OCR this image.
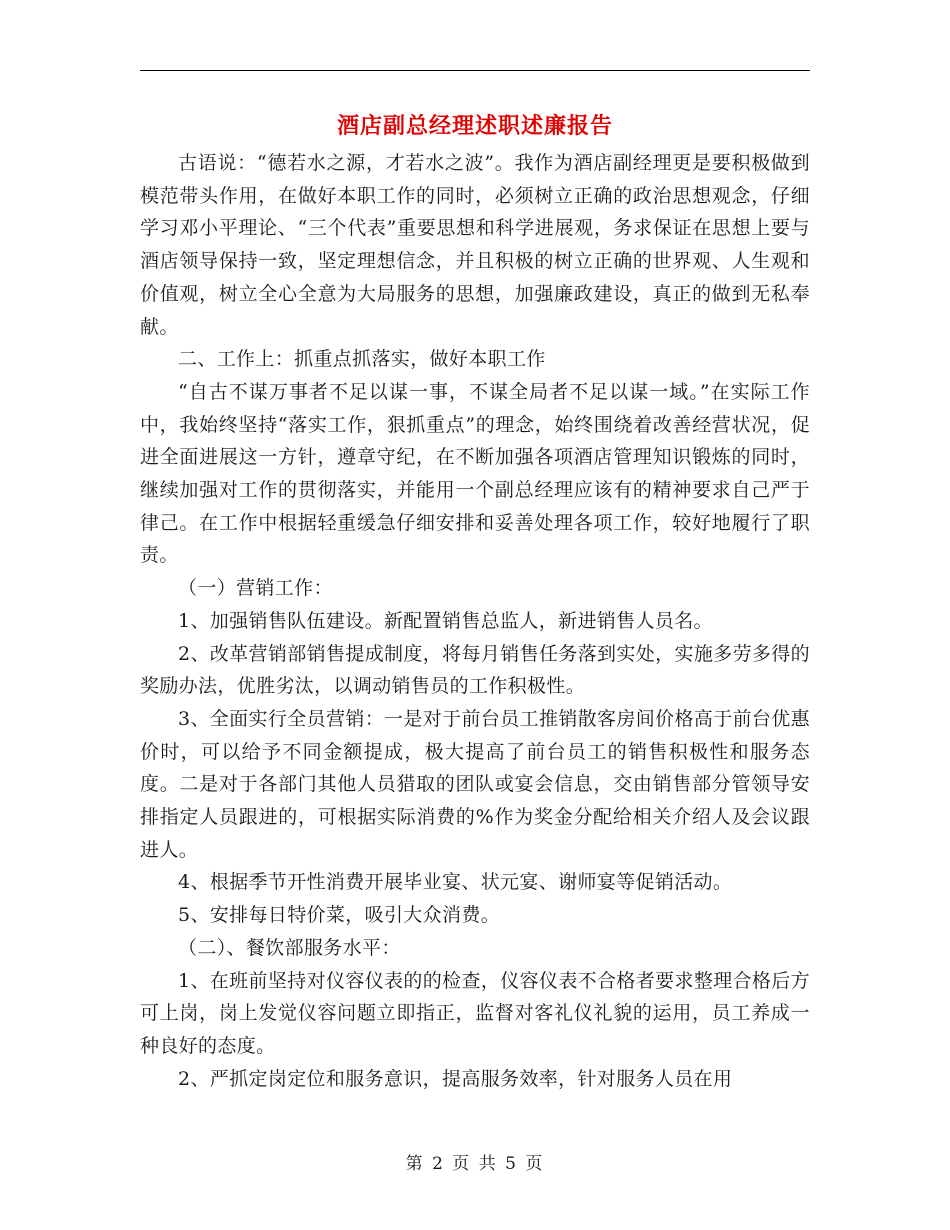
酒店副总经理述职述廉报告

古语说：“德若水之源，才若水之波”。我作为酒店副经理更是要积极做到模范带头作用，在做好本职工作的同时，必须树立正确的政治思想观念，仔细学习邓小平理论、“三个代表”重要思想和科学进展观，务求保证在思想上要与酒店领导保持一致，坚定理想信念，并且积极的树立正确的世界观、人生观和价值观，树立全心全意为大局服务的思想，加强廉政建设，真正的做到无私奉献。

二、工作上：抓重点抓落实，做好本职工作

“自古不谋万事者不足以谋一事，不谋全局者不足以谋一域。”在实际工作中，我始终坚持“落实工作，狠抓重点”的理念，始终围绕着改善经营状况，促进全面进展这一方针，遵章守纪，在不断加强各项酒店管理知识锻炼的同时，继续加强对工作的贯彻落实，并能用一个副总经理应该有的精神要求自己严于律己。在工作中根据轻重缓急仔细安排和妥善处理各项工作，较好地履行了职责。

（一）营销工作：

1、加强销售队伍建设。新配置销售总监人，新进销售人员名。

2、改革营销部销售提成制度，将每月销售任务落到实处，实施多劳多得的奖励办法，优胜劣汰，以调动销售员的工作积极性。

3、全面实行全员营销：一是对于前台员工推销散客房间价格高于前台优惠价时，可以给予不同金额提成，极大提高了前台员工的销售积极性和服务态度。二是对于各部门其他人员猎取的团队或宴会信息，交由销售部分管领导安排指定人员跟进的，可根据实际消费的%作为奖金分配给相关介绍人及会议跟进人。

4、根据季节开性消费开展毕业宴、状元宴、谢师宴等促销活动。

5、安排每日特价菜，吸引大众消费。

（二）、餐饮部服务水平：

1、在班前坚持对仪容仪表的的检查，仪容仪表不合格者要求整理合格后方可上岗，岗上发觉仪容问题立即指正，监督对客礼仪礼貌的运用，员工养成一种良好的态度。

2、严抓定岗定位和服务意识，提高服务效率，针对服务人员在用

第 2 页 共 5 页
